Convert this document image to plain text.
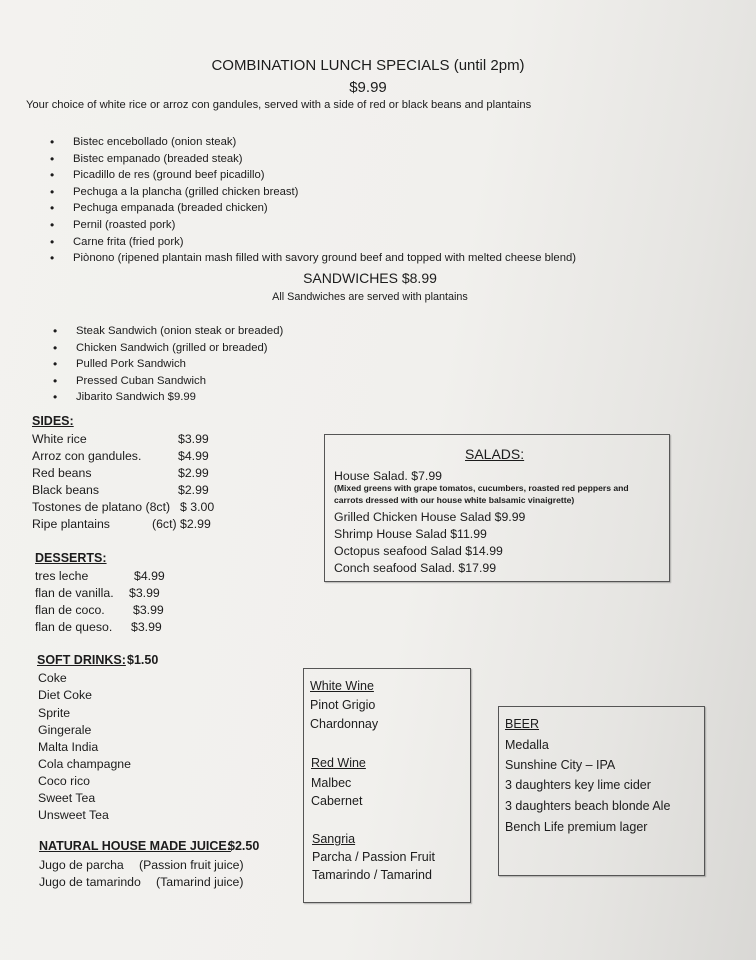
COMBINATION LUNCH SPECIALS (until 2pm)
$9.99
Your choice of white rice or arroz con gandules, served with a side of red or black beans and plantains
• Bistec encebollado (onion steak)
• Bistec empanado (breaded steak)
• Picadillo de res (ground beef picadillo)
• Pechuga a la plancha (grilled chicken breast)
• Pechuga empanada (breaded chicken)
• Pernil (roasted pork)
• Carne frita (fried pork)
• Piònono (ripened plantain mash filled with savory ground beef and topped with melted cheese blend)
SANDWICHES $8.99
All Sandwiches are served with plantains
• Steak Sandwich (onion steak or breaded)
• Chicken Sandwich (grilled or breaded)
• Pulled Pork Sandwich
• Pressed Cuban Sandwich
• Jibarito Sandwich $9.99
SIDES:
White rice	$3.99
Arroz con gandules.	$4.99
Red beans	$2.99
Black beans	$2.99
Tostones de platano (8ct) $ 3.00
Ripe plantains	(6ct) $2.99
DESSERTS:
tres leche	$4.99
flan de vanilla. $3.99
flan de coco. $3.99
flan de queso. $3.99
SOFT DRINKS: $1.50
Coke
Diet Coke
Sprite
Gingerale
Malta India
Cola champagne
Coco rico
Sweet Tea
Unsweet Tea
NATURAL HOUSE MADE JUICE:
$2.50
Jugo de parcha (Passion fruit juice)
Jugo de tamarindo (Tamarind juice)
SALADS:
House Salad. $7.99
(Mixed greens with grape tomatos, cucumbers, roasted red peppers and
carrots dressed with our house white balsamic vinaigrette)
Grilled Chicken House Salad $9.99
Shrimp House Salad $11.99
Octopus seafood Salad $14.99
Conch seafood Salad. $17.99
White Wine
Pinot Grigio
Chardonnay
Red Wine
Malbec
Cabernet
Sangria
Parcha / Passion Fruit
Tamarindo / Tamarind
BEER
Medalla
Sunshine City – IPA
3 daughters key lime cider
3 daughters beach blonde Ale
Bench Life premium lager
